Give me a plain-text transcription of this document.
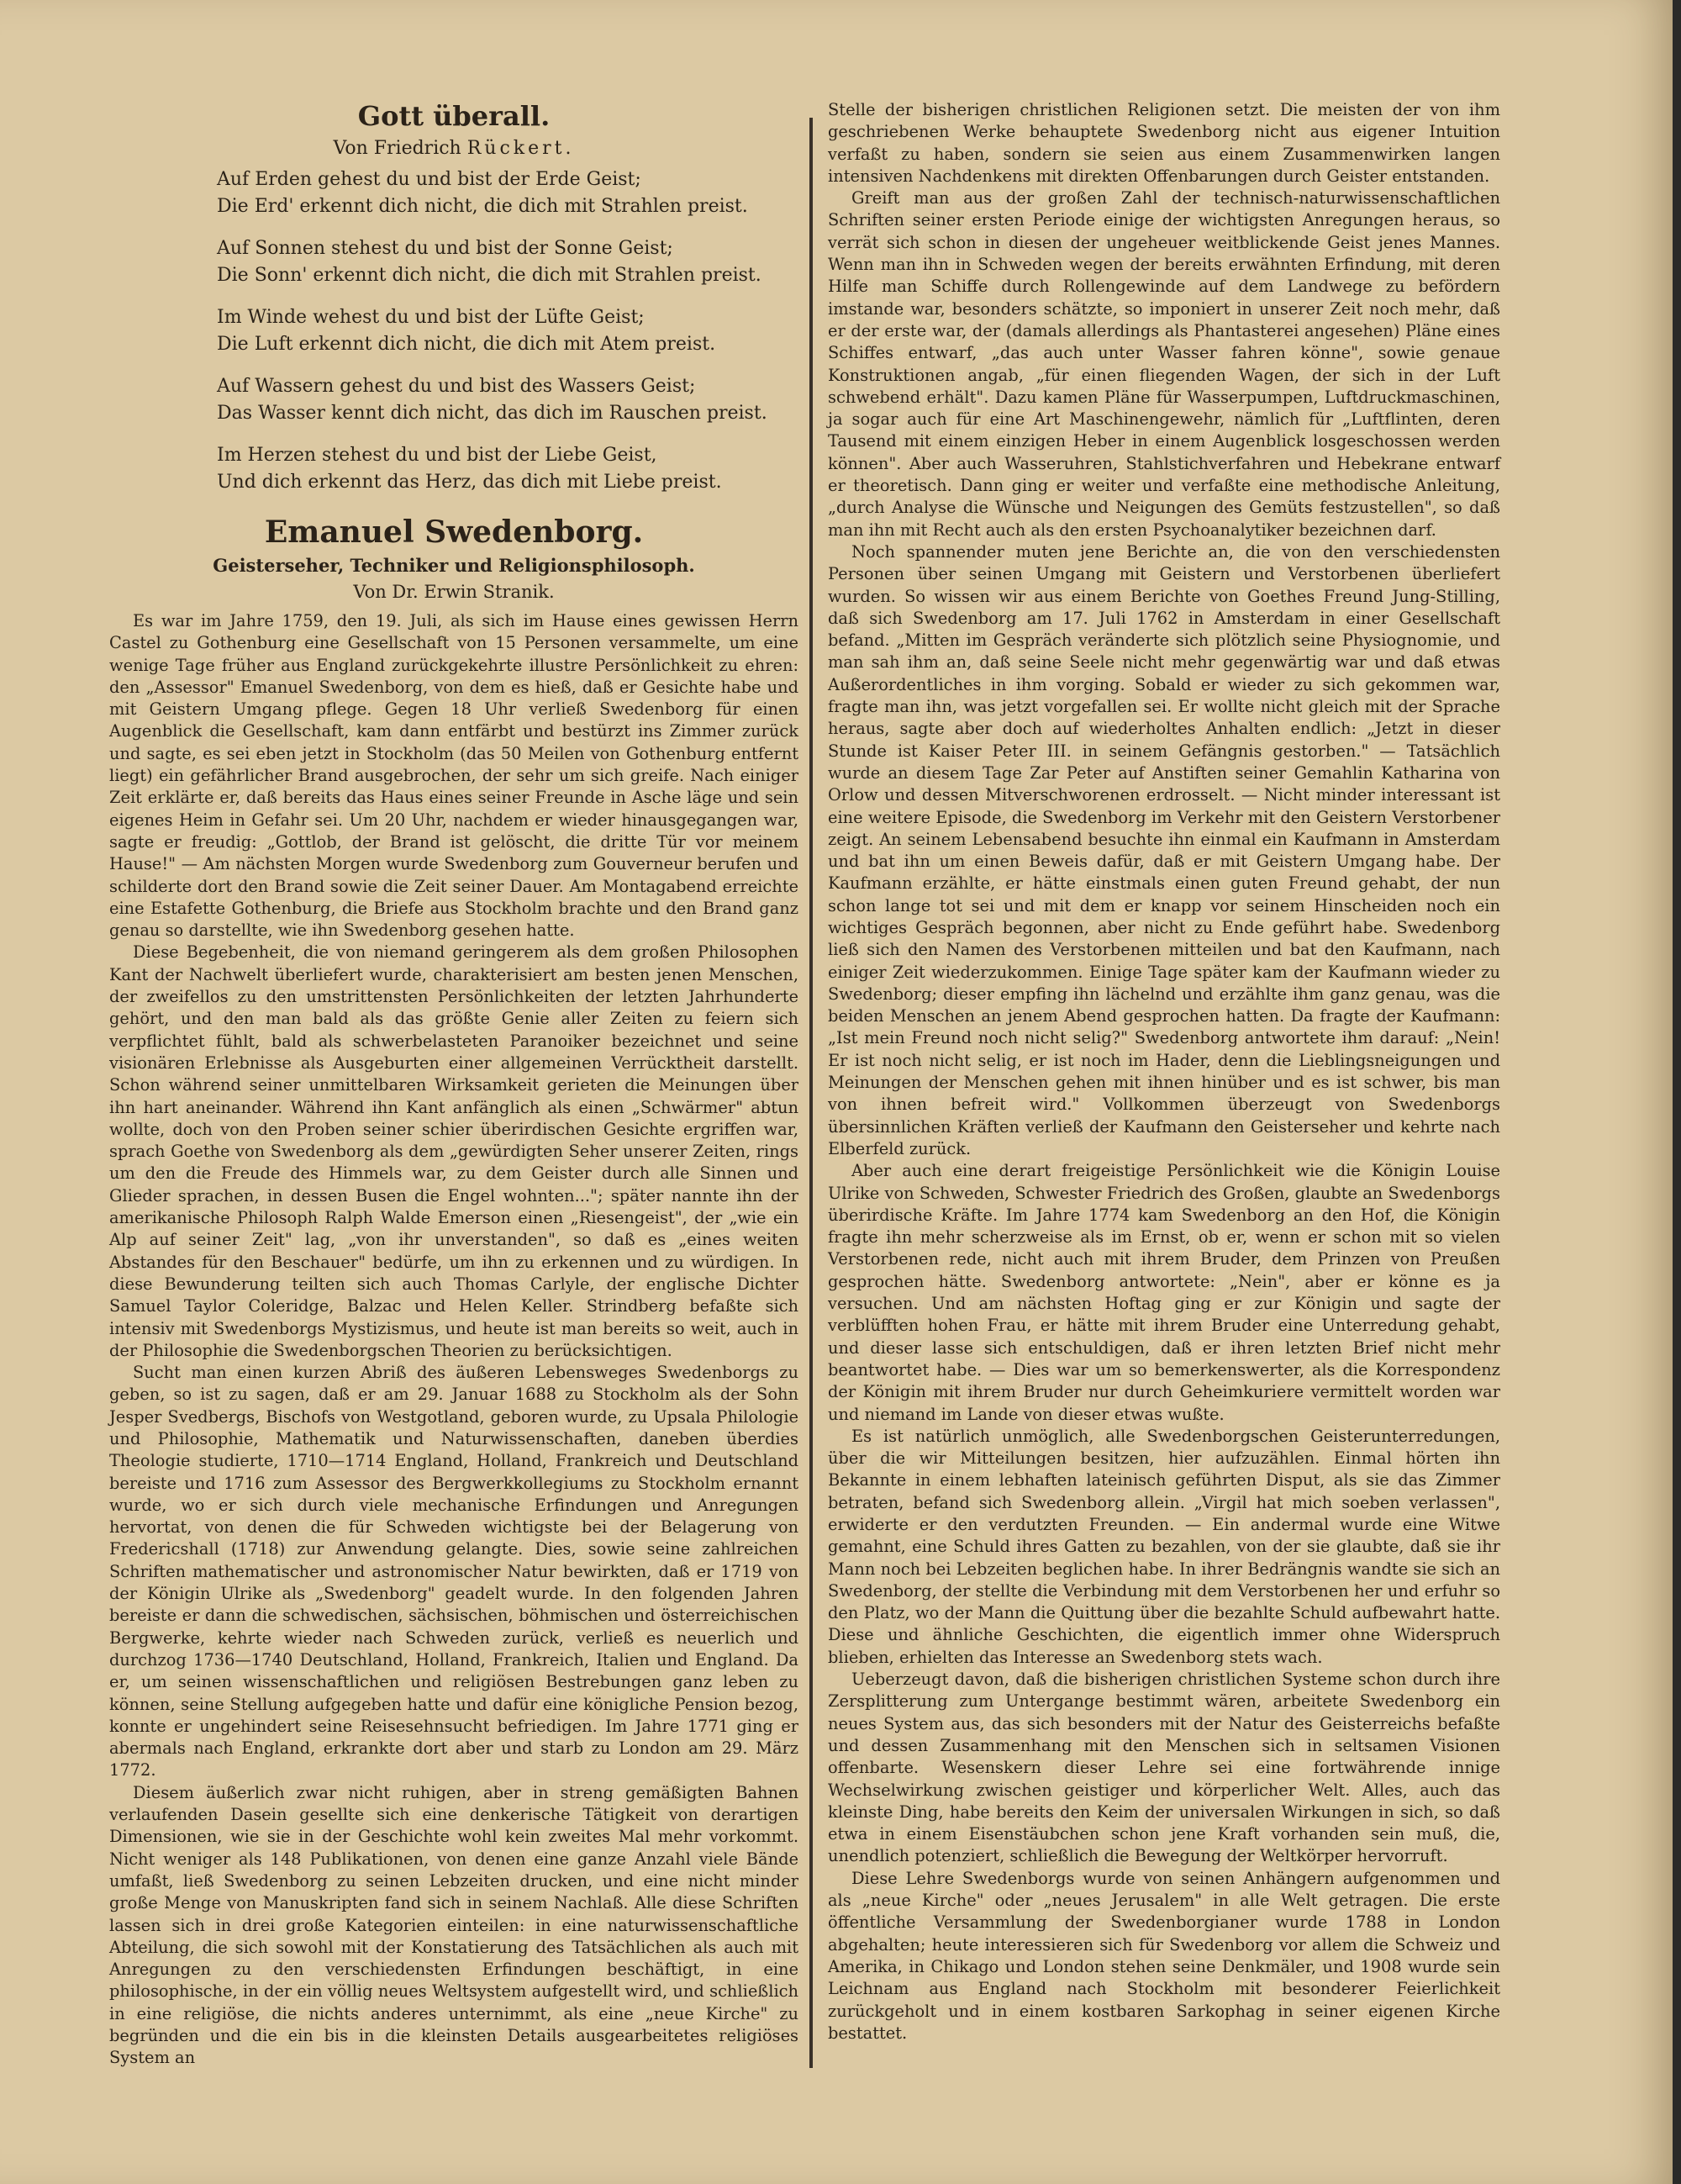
Gott überall.
Von Friedrich Rückert.
Auf Erden gehest du und bist der Erde Geist;
Die Erd' erkennt dich nicht, die dich mit Strahlen preist.
Auf Sonnen stehest du und bist der Sonne Geist;
Die Sonn' erkennt dich nicht, die dich mit Strahlen preist.
Im Winde wehest du und bist der Lüfte Geist;
Die Luft erkennt dich nicht, die dich mit Atem preist.
Auf Wassern gehest du und bist des Wassers Geist;
Das Wasser kennt dich nicht, das dich im Rauschen preist.
Im Herzen stehest du und bist der Liebe Geist,
Und dich erkennt das Herz, das dich mit Liebe preist.
Emanuel Swedenborg.
Geisterseher, Techniker und Religionsphilosoph.
Von Dr. Erwin Stranik.

Es war im Jahre 1759, den 19. Juli, als sich im Hause eines gewissen Herrn Castel zu Gothenburg eine Gesellschaft von 15 Personen versammelte, um eine wenige Tage früher aus England zurückgekehrte illustre Persönlichkeit zu ehren: den „Assessor" Emanuel Swedenborg, von dem es hieß, daß er Gesichte habe und mit Geistern Umgang pflege. Gegen 18 Uhr verließ Swedenborg für einen Augenblick die Gesellschaft, kam dann entfärbt und bestürzt ins Zimmer zurück und sagte, es sei eben jetzt in Stockholm (das 50 Meilen von Gothenburg entfernt liegt) ein gefährlicher Brand ausgebrochen, der sehr um sich greife. Nach einiger Zeit erklärte er, daß bereits das Haus eines seiner Freunde in Asche läge und sein eigenes Heim in Gefahr sei. Um 20 Uhr, nachdem er wieder hinausgegangen war, sagte er freudig: „Gottlob, der Brand ist gelöscht, die dritte Tür vor meinem Hause!" — Am nächsten Morgen wurde Swedenborg zum Gouverneur berufen und schilderte dort den Brand sowie die Zeit seiner Dauer. Am Montagabend erreichte eine Estafette Gothenburg, die Briefe aus Stockholm brachte und den Brand ganz genau so darstellte, wie ihn Swedenborg gesehen hatte.

Diese Begebenheit, die von niemand geringerem als dem großen Philosophen Kant der Nachwelt überliefert wurde, charakterisiert am besten jenen Menschen, der zweifellos zu den umstrittensten Persönlichkeiten der letzten Jahrhunderte gehört, und den man bald als das größte Genie aller Zeiten zu feiern sich verpflichtet fühlt, bald als schwerbelasteten Paranoiker bezeichnet und seine visionären Erlebnisse als Ausgeburten einer allgemeinen Verrücktheit darstellt. Schon während seiner unmittelbaren Wirksamkeit gerieten die Meinungen über ihn hart aneinander. Während ihn Kant anfänglich als einen „Schwärmer" abtun wollte, doch von den Proben seiner schier überirdischen Gesichte ergriffen war, sprach Goethe von Swedenborg als dem „gewürdigten Seher unserer Zeiten, rings um den die Freude des Himmels war, zu dem Geister durch alle Sinnen und Glieder sprachen, in dessen Busen die Engel wohnten..."; später nannte ihn der amerikanische Philosoph Ralph Walde Emerson einen „Riesengeist", der „wie ein Alp auf seiner Zeit" lag, „von ihr unverstanden", so daß es „eines weiten Abstandes für den Beschauer" bedürfe, um ihn zu erkennen und zu würdigen. In diese Bewunderung teilten sich auch Thomas Carlyle, der englische Dichter Samuel Taylor Coleridge, Balzac und Helen Keller. Strindberg befaßte sich intensiv mit Swedenborgs Mystizismus, und heute ist man bereits so weit, auch in der Philosophie die Swedenborgschen Theorien zu berücksichtigen.

Sucht man einen kurzen Abriß des äußeren Lebensweges Swedenborgs zu geben, so ist zu sagen, daß er am 29. Januar 1688 zu Stockholm als der Sohn Jesper Svedbergs, Bischofs von Westgotland, geboren wurde, zu Upsala Philologie und Philosophie, Mathematik und Naturwissenschaften, daneben überdies Theologie studierte, 1710—1714 England, Holland, Frankreich und Deutschland bereiste und 1716 zum Assessor des Bergwerkkollegiums zu Stockholm ernannt wurde, wo er sich durch viele mechanische Erfindungen und Anregungen hervortat, von denen die für Schweden wichtigste bei der Belagerung von Fredericshall (1718) zur Anwendung gelangte. Dies, sowie seine zahlreichen Schriften mathematischer und astronomischer Natur bewirkten, daß er 1719 von der Königin Ulrike als „Swedenborg" geadelt wurde. In den folgenden Jahren bereiste er dann die schwedischen, sächsischen, böhmischen und österreichischen Bergwerke, kehrte wieder nach Schweden zurück, verließ es neuerlich und durchzog 1736—1740 Deutschland, Holland, Frankreich, Italien und England. Da er, um seinen wissenschaftlichen und religiösen Bestrebungen ganz leben zu können, seine Stellung aufgegeben hatte und dafür eine königliche Pension bezog, konnte er ungehindert seine Reisesehnsucht befriedigen. Im Jahre 1771 ging er abermals nach England, erkrankte dort aber und starb zu London am 29. März 1772.

Diesem äußerlich zwar nicht ruhigen, aber in streng gemäßigten Bahnen verlaufenden Dasein gesellte sich eine denkerische Tätigkeit von derartigen Dimensionen, wie sie in der Geschichte wohl kein zweites Mal mehr vorkommt. Nicht weniger als 148 Publikationen, von denen eine ganze Anzahl viele Bände umfaßt, ließ Swedenborg zu seinen Lebzeiten drucken, und eine nicht minder große Menge von Manuskripten fand sich in seinem Nachlaß. Alle diese Schriften lassen sich in drei große Kategorien einteilen: in eine naturwissenschaftliche Abteilung, die sich sowohl mit der Konstatierung des Tatsächlichen als auch mit Anregungen zu den verschiedensten Erfindungen beschäftigt, in eine philosophische, in der ein völlig neues Weltsystem aufgestellt wird, und schließlich in eine religiöse, die nichts anderes unternimmt, als eine „neue Kirche" zu begründen und die ein bis in die kleinsten Details ausgearbeitetes religiöses System an

Stelle der bisherigen christlichen Religionen setzt. Die meisten der von ihm geschriebenen Werke behauptete Swedenborg nicht aus eigener Intuition verfaßt zu haben, sondern sie seien aus einem Zusammenwirken langen intensiven Nachdenkens mit direkten Offenbarungen durch Geister entstanden.

Greift man aus der großen Zahl der technisch-naturwissenschaftlichen Schriften seiner ersten Periode einige der wichtigsten Anregungen heraus, so verrät sich schon in diesen der ungeheuer weitblickende Geist jenes Mannes. Wenn man ihn in Schweden wegen der bereits erwähnten Erfindung, mit deren Hilfe man Schiffe durch Rollengewinde auf dem Landwege zu befördern imstande war, besonders schätzte, so imponiert in unserer Zeit noch mehr, daß er der erste war, der (damals allerdings als Phantasterei angesehen) Pläne eines Schiffes entwarf, „das auch unter Wasser fahren könne", sowie genaue Konstruktionen angab, „für einen fliegenden Wagen, der sich in der Luft schwebend erhält". Dazu kamen Pläne für Wasserpumpen, Luftdruckmaschinen, ja sogar auch für eine Art Maschinengewehr, nämlich für „Luftflinten, deren Tausend mit einem einzigen Heber in einem Augenblick losgeschossen werden können". Aber auch Wasseruhren, Stahlstichverfahren und Hebekrane entwarf er theoretisch. Dann ging er weiter und verfaßte eine methodische Anleitung, „durch Analyse die Wünsche und Neigungen des Gemüts festzustellen", so daß man ihn mit Recht auch als den ersten Psychoanalytiker bezeichnen darf.

Noch spannender muten jene Berichte an, die von den verschiedensten Personen über seinen Umgang mit Geistern und Verstorbenen überliefert wurden. So wissen wir aus einem Berichte von Goethes Freund Jung-Stilling, daß sich Swedenborg am 17. Juli 1762 in Amsterdam in einer Gesellschaft befand. „Mitten im Gespräch veränderte sich plötzlich seine Physiognomie, und man sah ihm an, daß seine Seele nicht mehr gegenwärtig war und daß etwas Außerordentliches in ihm vorging. Sobald er wieder zu sich gekommen war, fragte man ihn, was jetzt vorgefallen sei. Er wollte nicht gleich mit der Sprache heraus, sagte aber doch auf wiederholtes Anhalten endlich: „Jetzt in dieser Stunde ist Kaiser Peter III. in seinem Gefängnis gestorben." — Tatsächlich wurde an diesem Tage Zar Peter auf Anstiften seiner Gemahlin Katharina von Orlow und dessen Mitverschworenen erdrosselt. — Nicht minder interessant ist eine weitere Episode, die Swedenborg im Verkehr mit den Geistern Verstorbener zeigt. An seinem Lebensabend besuchte ihn einmal ein Kaufmann in Amsterdam und bat ihn um einen Beweis dafür, daß er mit Geistern Umgang habe. Der Kaufmann erzählte, er hätte einstmals einen guten Freund gehabt, der nun schon lange tot sei und mit dem er knapp vor seinem Hinscheiden noch ein wichtiges Gespräch begonnen, aber nicht zu Ende geführt habe. Swedenborg ließ sich den Namen des Verstorbenen mitteilen und bat den Kaufmann, nach einiger Zeit wiederzukommen. Einige Tage später kam der Kaufmann wieder zu Swedenborg; dieser empfing ihn lächelnd und erzählte ihm ganz genau, was die beiden Menschen an jenem Abend gesprochen hatten. Da fragte der Kaufmann: „Ist mein Freund noch nicht selig?" Swedenborg antwortete ihm darauf: „Nein! Er ist noch nicht selig, er ist noch im Hader, denn die Lieblingsneigungen und Meinungen der Menschen gehen mit ihnen hinüber und es ist schwer, bis man von ihnen befreit wird." Vollkommen überzeugt von Swedenborgs übersinnlichen Kräften verließ der Kaufmann den Geisterseher und kehrte nach Elberfeld zurück.

Aber auch eine derart freigeistige Persönlichkeit wie die Königin Louise Ulrike von Schweden, Schwester Friedrich des Großen, glaubte an Swedenborgs überirdische Kräfte. Im Jahre 1774 kam Swedenborg an den Hof, die Königin fragte ihn mehr scherzweise als im Ernst, ob er, wenn er schon mit so vielen Verstorbenen rede, nicht auch mit ihrem Bruder, dem Prinzen von Preußen gesprochen hätte. Swedenborg antwortete: „Nein", aber er könne es ja versuchen. Und am nächsten Hoftag ging er zur Königin und sagte der verblüfften hohen Frau, er hätte mit ihrem Bruder eine Unterredung gehabt, und dieser lasse sich entschuldigen, daß er ihren letzten Brief nicht mehr beantwortet habe. — Dies war um so bemerkenswerter, als die Korrespondenz der Königin mit ihrem Bruder nur durch Geheimkuriere vermittelt worden war und niemand im Lande von dieser etwas wußte.

Es ist natürlich unmöglich, alle Swedenborgschen Geisterunterredungen, über die wir Mitteilungen besitzen, hier aufzuzählen. Einmal hörten ihn Bekannte in einem lebhaften lateinisch geführten Disput, als sie das Zimmer betraten, befand sich Swedenborg allein. „Virgil hat mich soeben verlassen", erwiderte er den verdutzten Freunden. — Ein andermal wurde eine Witwe gemahnt, eine Schuld ihres Gatten zu bezahlen, von der sie glaubte, daß sie ihr Mann noch bei Lebzeiten beglichen habe. In ihrer Bedrängnis wandte sie sich an Swedenborg, der stellte die Verbindung mit dem Verstorbenen her und erfuhr so den Platz, wo der Mann die Quittung über die bezahlte Schuld aufbewahrt hatte. Diese und ähnliche Geschichten, die eigentlich immer ohne Widerspruch blieben, erhielten das Interesse an Swedenborg stets wach.

Ueberzeugt davon, daß die bisherigen christlichen Systeme schon durch ihre Zersplitterung zum Untergange bestimmt wären, arbeitete Swedenborg ein neues System aus, das sich besonders mit der Natur des Geisterreichs befaßte und dessen Zusammenhang mit den Menschen sich in seltsamen Visionen offenbarte. Wesenskern dieser Lehre sei eine fortwährende innige Wechselwirkung zwischen geistiger und körperlicher Welt. Alles, auch das kleinste Ding, habe bereits den Keim der universalen Wirkungen in sich, so daß etwa in einem Eisenstäubchen schon jene Kraft vorhanden sein muß, die, unendlich potenziert, schließlich die Bewegung der Weltkörper hervorruft.

Diese Lehre Swedenborgs wurde von seinen Anhängern aufgenommen und als „neue Kirche" oder „neues Jerusalem" in alle Welt getragen. Die erste öffentliche Versammlung der Swedenborgianer wurde 1788 in London abgehalten; heute interessieren sich für Swedenborg vor allem die Schweiz und Amerika, in Chikago und London stehen seine Denkmäler, und 1908 wurde sein Leichnam aus England nach Stockholm mit besonderer Feierlichkeit zurückgeholt und in einem kostbaren Sarkophag in seiner eigenen Kirche bestattet.
